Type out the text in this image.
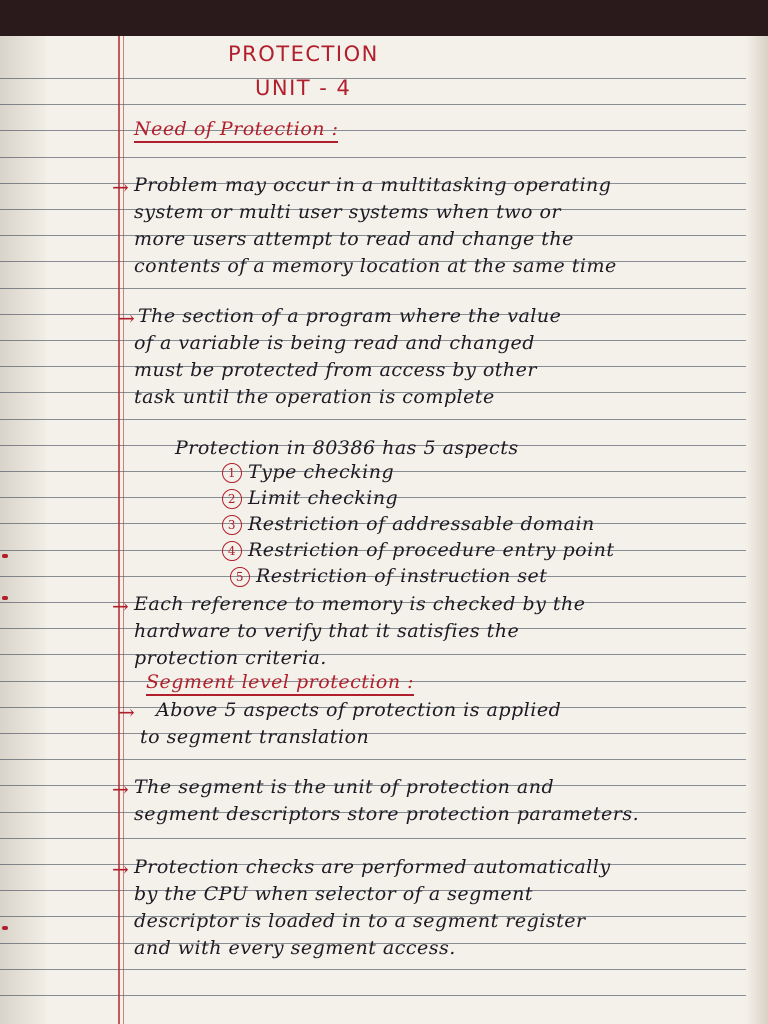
PROTECTION
UNIT - 4
Need of Protection :
→ Problem may occur in a multitasking operating
system or multi user systems when two or
more users attempt to read and change the
contents of a memory location at the same time
→ The section of a program where the value
of a variable is being read and changed
must be protected from access by other
task until the operation is complete
Protection in 80386 has 5 aspects
1 Type checking
2 Limit checking
3 Restriction of addressable domain
4 Restriction of procedure entry point
5 Restriction of instruction set
→ Each reference to memory is checked by the
hardware to verify that it satisfies the
protection criteria.
Segment level protection :
→ Above 5 aspects of protection is applied
to segment translation
→ The segment is the unit of protection and
segment descriptors store protection parameters.
→ Protection checks are performed automatically
by the CPU when selector of a segment
descriptor is loaded in to a segment register
and with every segment access.
